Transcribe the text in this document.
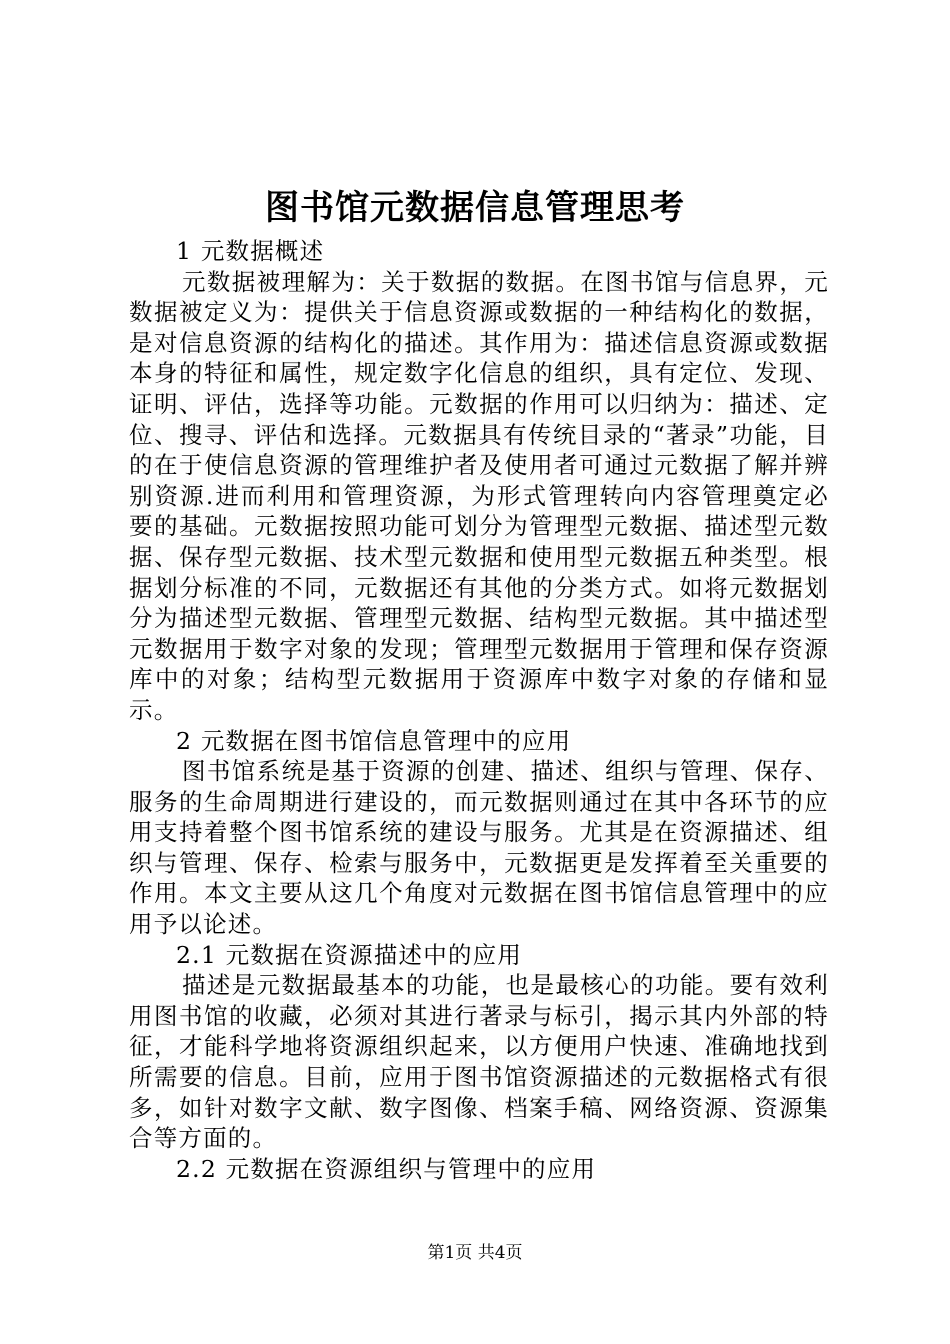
图书馆元数据信息管理思考

1 元数据概述

元数据被理解为：关于数据的数据。在图书馆与信息界，元数据被定义为：提供关于信息资源或数据的一种结构化的数据，是对信息资源的结构化的描述。其作用为：描述信息资源或数据本身的特征和属性，规定数字化信息的组织，具有定位、发现、证明、评估，选择等功能。元数据的作用可以归纳为：描述、定位、搜寻、评估和选择。元数据具有传统目录的“著录”功能，目的在于使信息资源的管理维护者及使用者可通过元数据了解并辨别资源.进而利用和管理资源，为形式管理转向内容管理奠定必要的基础。元数据按照功能可划分为管理型元数据、描述型元数据、保存型元数据、技术型元数据和使用型元数据五种类型。根据划分标准的不同，元数据还有其他的分类方式。如将元数据划分为描述型元数据、管理型元数据、结构型元数据。其中描述型元数据用于数字对象的发现；管理型元数据用于管理和保存资源库中的对象；结构型元数据用于资源库中数字对象的存储和显示。

2 元数据在图书馆信息管理中的应用

图书馆系统是基于资源的创建、描述、组织与管理、保存、服务的生命周期进行建设的，而元数据则通过在其中各环节的应用支持着整个图书馆系统的建设与服务。尤其是在资源描述、组织与管理、保存、检索与服务中，元数据更是发挥着至关重要的作用。本文主要从这几个角度对元数据在图书馆信息管理中的应用予以论述。

2.1 元数据在资源描述中的应用

描述是元数据最基本的功能，也是最核心的功能。要有效利用图书馆的收藏，必须对其进行著录与标引，揭示其内外部的特征，才能科学地将资源组织起来，以方便用户快速、准确地找到所需要的信息。目前，应用于图书馆资源描述的元数据格式有很多，如针对数字文献、数字图像、档案手稿、网络资源、资源集合等方面的。

2.2 元数据在资源组织与管理中的应用

第1页 共4页
